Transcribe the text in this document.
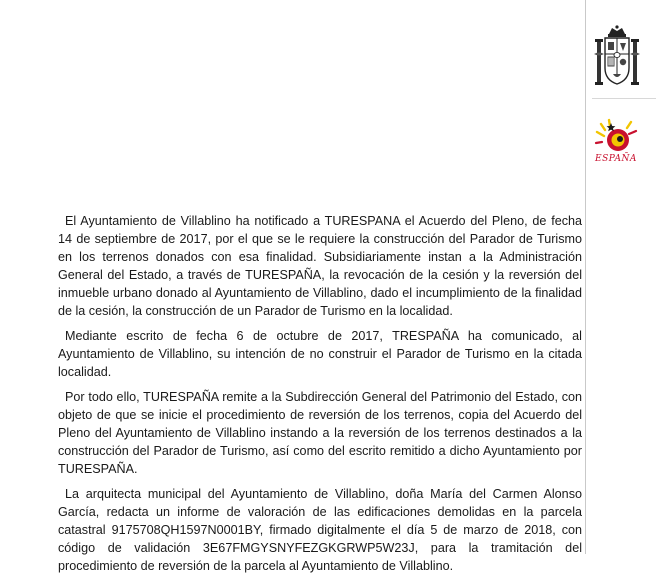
ESPAÑA

El Ayuntamiento de Villablino ha notificado a TURESPANA el Acuerdo del Pleno, de fecha 14 de septiembre de 2017, por el que se le requiere la construcción del Parador de Turismo en los terrenos donados con esa finalidad. Subsidiariamente instan a la Administración General del Estado, a través de TURESPAÑA, la revocación de la cesión y la reversión del inmueble urbano donado al Ayuntamiento de Villablino, dado el incumplimiento de la finalidad de la cesión, la construcción de un Parador de Turismo en la localidad.

Mediante escrito de fecha 6 de octubre de 2017, TRESPAÑA ha comunicado, al Ayuntamiento de Villablino, su intención de no construir el Parador de Turismo en la citada localidad.

Por todo ello, TURESPAÑA remite a la Subdirección General del Patrimonio del Estado, con objeto de que se inicie el procedimiento de reversión de los terrenos, copia del Acuerdo del Pleno del Ayuntamiento de Villablino instando a la reversión de los terrenos destinados a la construcción del Parador de Turismo, así como del escrito remitido a dicho Ayuntamiento por TURESPAÑA.

La arquitecta municipal del Ayuntamiento de Villablino, doña María del Carmen Alonso García, redacta un informe de valoración de las edificaciones demolidas en la parcela catastral 9175708QH1597N0001BY, firmado digitalmente el día 5 de marzo de 2018, con código de validación 3E67FMGYSNYFEZGKGRWP5W23J, para la tramitación del procedimiento de reversión de la parcela al Ayuntamiento de Villablino.
